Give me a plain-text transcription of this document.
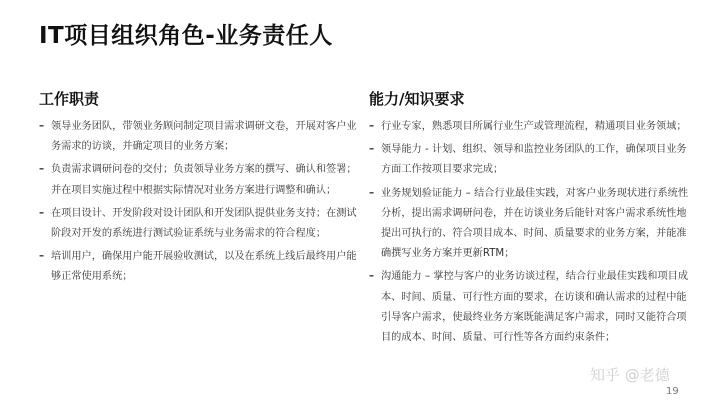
IT项目组织角色-业务责任人
工作职责
– 领导业务团队，带领业务顾问制定项目需求调研文卷，开展对客户业务需求的访谈，并确定项目的业务方案；
– 负责需求调研问卷的交付；负责领导业务方案的撰写、确认和签署；并在项目实施过程中根据实际情况对业务方案进行调整和确认；
– 在项目设计、开发阶段对设计团队和开发团队提供业务支持；在测试阶段对开发的系统进行测试验证系统与业务需求的符合程度；
– 培训用户，确保用户能开展验收测试，以及在系统上线后最终用户能够正常使用系统；
能力/知识要求
– 行业专家，熟悉项目所属行业生产或管理流程，精通项目业务领域；
– 领导能力 - 计划、组织、领导和监控业务团队的工作，确保项目业务方面工作按项目要求完成；
– 业务规划验证能力 – 结合行业最佳实践，对客户业务现状进行系统性分析，提出需求调研问卷，并在访谈业务后能针对客户需求系统性地提出可执行的、符合项目成本、时间、质量要求的业务方案，并能准确撰写业务方案并更新RTM；
– 沟通能力 – 掌控与客户的业务访谈过程，结合行业最佳实践和项目成本、时间、质量、可行性方面的要求，在访谈和确认需求的过程中能引导客户需求，使最终业务方案既能满足客户需求，同时又能符合项目的成本、时间、质量、可行性等各方面约束条件；
知乎 @老德
19
